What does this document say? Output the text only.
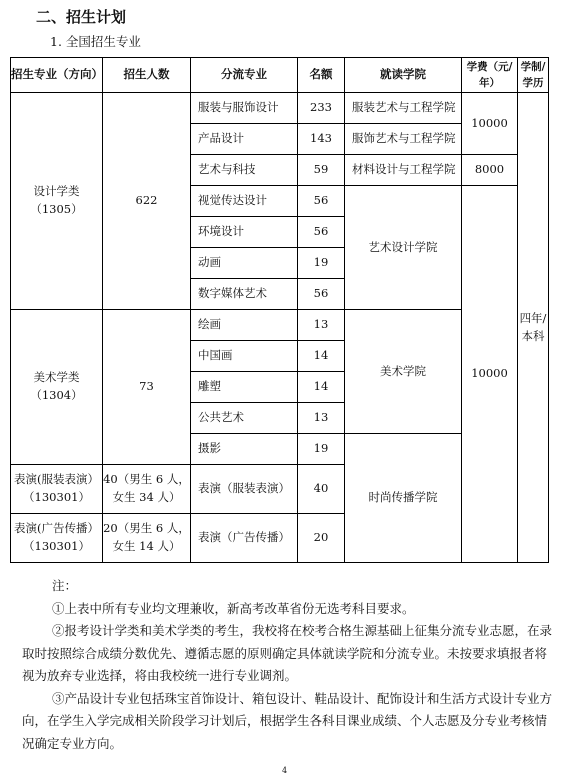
二、招生计划
1. 全国招生专业
招生专业（方向）	招生人数	分流专业	名额	就读学院	学费（元/年）	学制/学历
设计学类（1305）	622	服装与服饰设计	233	服装艺术与工程学院	10000	四年/本科
		产品设计	143	服饰艺术与工程学院		
		艺术与科技	59	材料设计与工程学院	8000	
		视觉传达设计	56	艺术设计学院	10000	
		环境设计	56			
		动画	19			
		数字媒体艺术	56			
美术学类（1304）	73	绘画	13	美术学院		
		中国画	14			
		雕塑	14			
		公共艺术	13			
		摄影	19	时尚传播学院		
表演(服装表演）（130301）	40（男生 6 人，女生 34 人）	表演（服装表演）	40			
表演(广告传播）（130301）	20（男生 6 人，女生 14 人）	表演（广告传播）	20			

注：

①上表中所有专业均文理兼收，新高考改革省份无选考科目要求。

②报考设计学类和美术学类的考生，我校将在校考合格生源基础上征集分流专业志愿，在录取时按照综合成绩分数优先、遵循志愿的原则确定具体就读学院和分流专业。未按要求填报者将视为放弃专业选择，将由我校统一进行专业调剂。

③产品设计专业包括珠宝首饰设计、箱包设计、鞋品设计、配饰设计和生活方式设计专业方向，在学生入学完成相关阶段学习计划后，根据学生各科目课业成绩、个人志愿及分专业考核情况确定专业方向。

4
